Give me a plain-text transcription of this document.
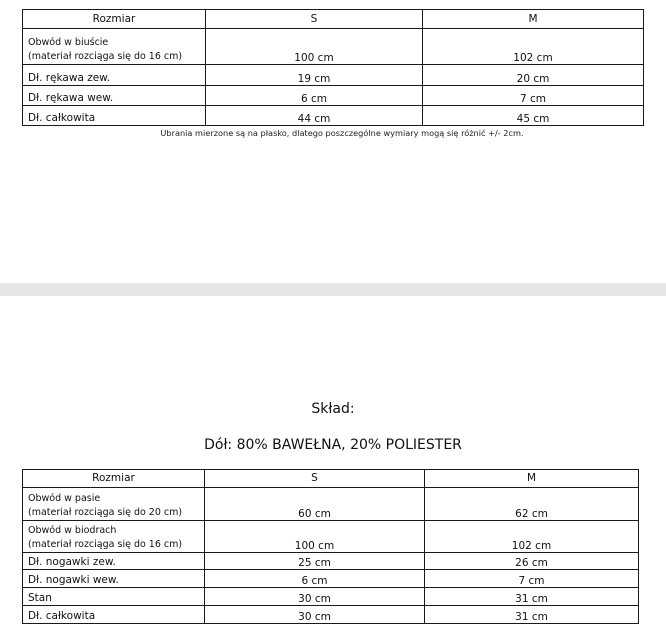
Rozmiar	S	M

Obwód w biuście
(materiał rozciąga się do 16 cm)	100 cm	102 cm
Dł. rękawa zew.	19 cm	20 cm
Dł. rękawa wew.	6 cm	7 cm
Dł. całkowita	44 cm	45 cm
Ubrania mierzone są na płasko, dlatego poszczególne wymiary mogą się różnić +/- 2cm.
Skład:
Dół: 80% BAWEŁNA, 20% POLIESTER
Rozmiar	S	M

Obwód w pasie
(materiał rozciąga się do 20 cm)	60 cm	62 cm

Obwód w biodrach
(materiał rozciąga się do 16 cm)	100 cm	102 cm
Dł. nogawki zew.	25 cm	26 cm
Dł. nogawki wew.	6 cm	7 cm
Stan	30 cm	31 cm
Dł. całkowita	30 cm	31 cm
